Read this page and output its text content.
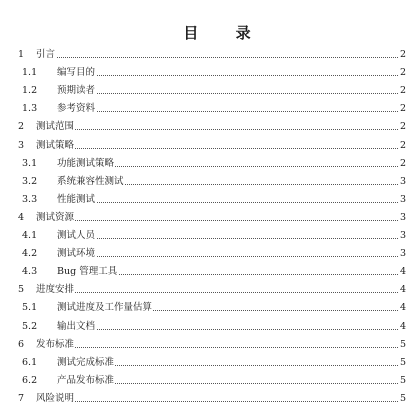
目 录
1 引言	2
1.1 编写目的	2
1.2 预期读者	2
1.3 参考资料	2
2 测试范围	2
3 测试策略	2
3.1 功能测试策略	2
3.2 系统兼容性测试	3
3.3 性能测试	3
4 测试资源	3
4.1 测试人员	3
4.2 测试环境	3
4.3 Bug 管理工具	4
5 进度安排	4
5.1 测试进度及工作量估算	4
5.2 输出文档	4
6 发布标准	5
6.1 测试完成标准	5
6.2 产品发布标准	5
7 风险说明	5
